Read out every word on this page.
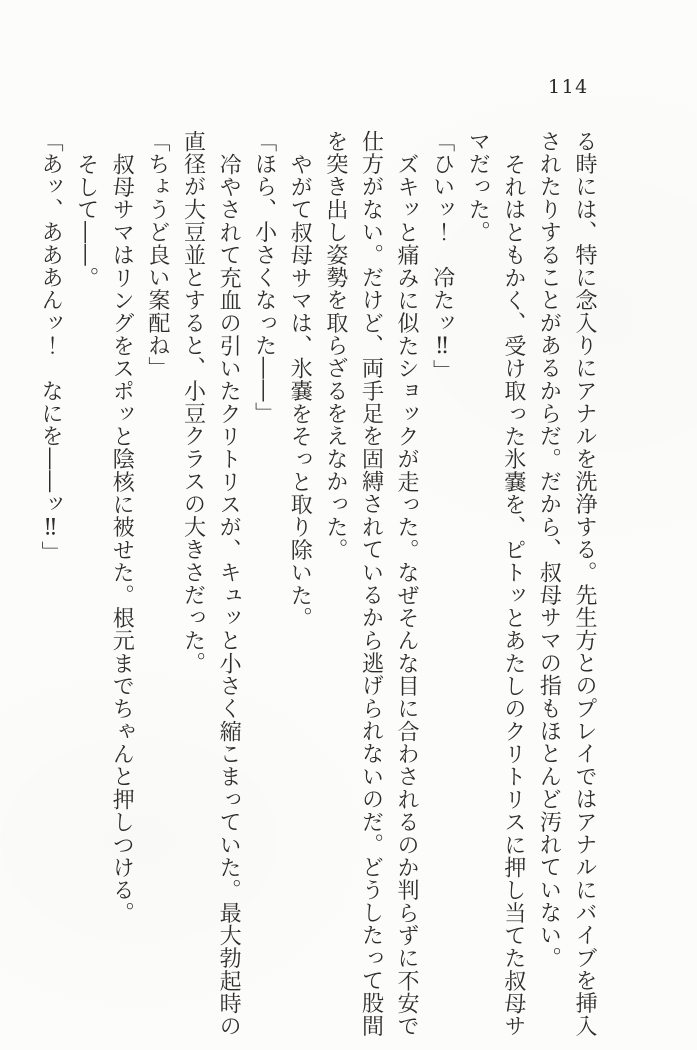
114
る時には、特に念入りにアナルを洗浄する。先生方とのプレイではアナルにバイブを挿入
されたりすることがあるからだ。だから、叔母サマの指もほとんど汚れていない。
それはともかく、受け取った氷嚢を、ピトッとあたしのクリトリスに押し当てた叔母サ
マだった。
「ひいッ！　冷たッ‼」
ズキッと痛みに似たショックが走った。なぜそんな目に合わされるのか判らずに不安で
仕方がない。だけど、両手足を固縛されているから逃げられないのだ。どうしたって股間
を突き出し姿勢を取らざるをえなかった。
やがて叔母サマは、氷嚢をそっと取り除いた。
「ほら、小さくなった――」
冷やされて充血の引いたクリトリスが、キュッと小さく縮こまっていた。最大勃起時の
直径が大豆並とすると、小豆クラスの大きさだった。
「ちょうど良い案配ね」
叔母サマはリングをスポッと陰核に被せた。根元までちゃんと押しつける。
そして――。
「あッ、あああんッ！　なにを――ッ‼」
